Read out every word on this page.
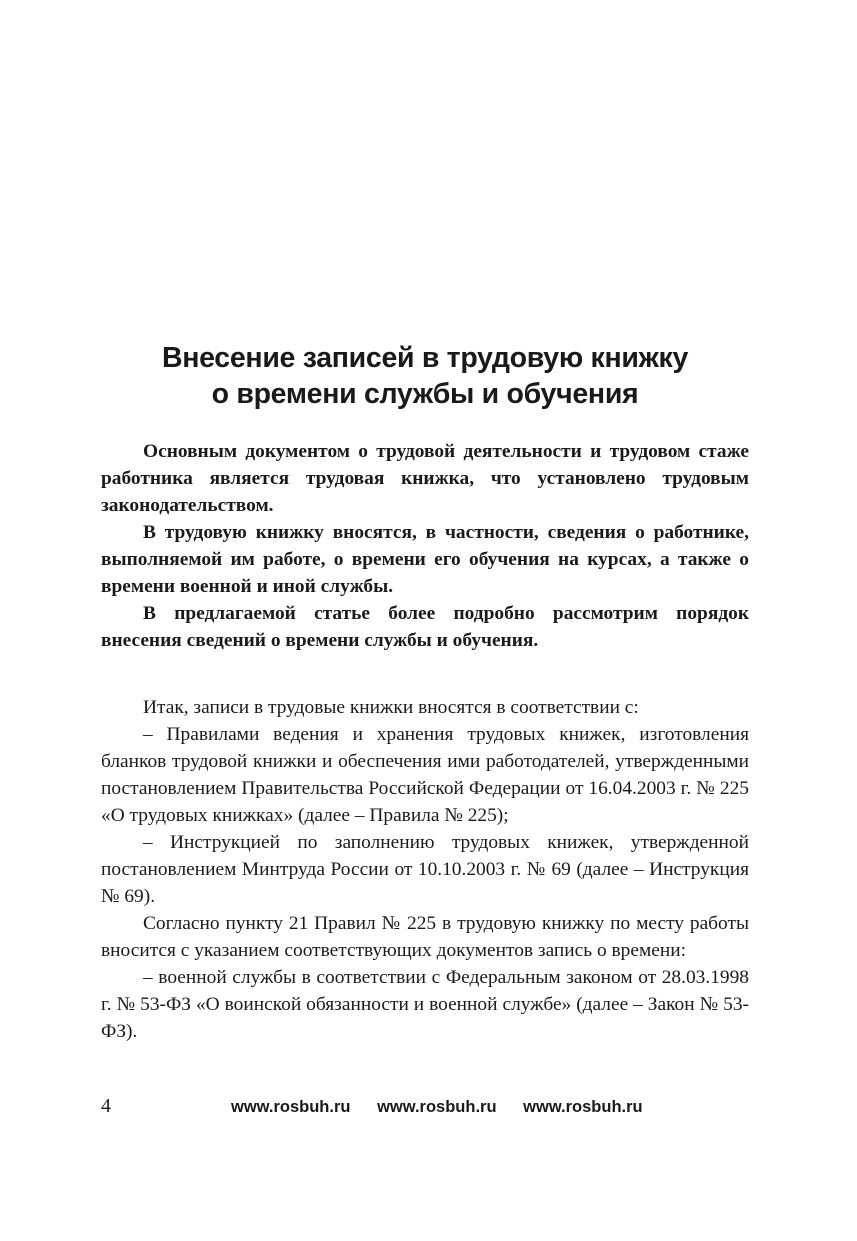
Внесение записей в трудовую книжку
о времени службы и обучения

Основным документом о трудовой деятельности и трудовом стаже работника является трудовая книжка, что установлено трудовым законодательством.

В трудовую книжку вносятся, в частности, сведения о работнике, выполняемой им работе, о времени его обучения на курсах, а также о времени военной и иной службы.

В предлагаемой статье более подробно рассмотрим порядок внесения сведений о времени службы и обучения.

Итак, записи в трудовые книжки вносятся в соответствии с:

– Правилами ведения и хранения трудовых книжек, изготовления бланков трудовой книжки и обеспечения ими работодателей, утвержденными постановлением Правительства Российской Федерации от 16.04.2003 г. № 225 «О трудовых книжках» (далее – Правила № 225);

– Инструкцией по заполнению трудовых книжек, утвержденной постановлением Минтруда России от 10.10.2003 г. № 69 (далее – Инструкция № 69).

Согласно пункту 21 Правил № 225 в трудовую книжку по месту работы вносится с указанием соответствующих документов запись о времени:

– военной службы в соответствии с Федеральным законом от 28.03.1998 г. № 53-ФЗ «О воинской обязанности и военной службе» (далее – Закон № 53-ФЗ).

4	www.rosbuh.ru www.rosbuh.ru www.rosbuh.ru
